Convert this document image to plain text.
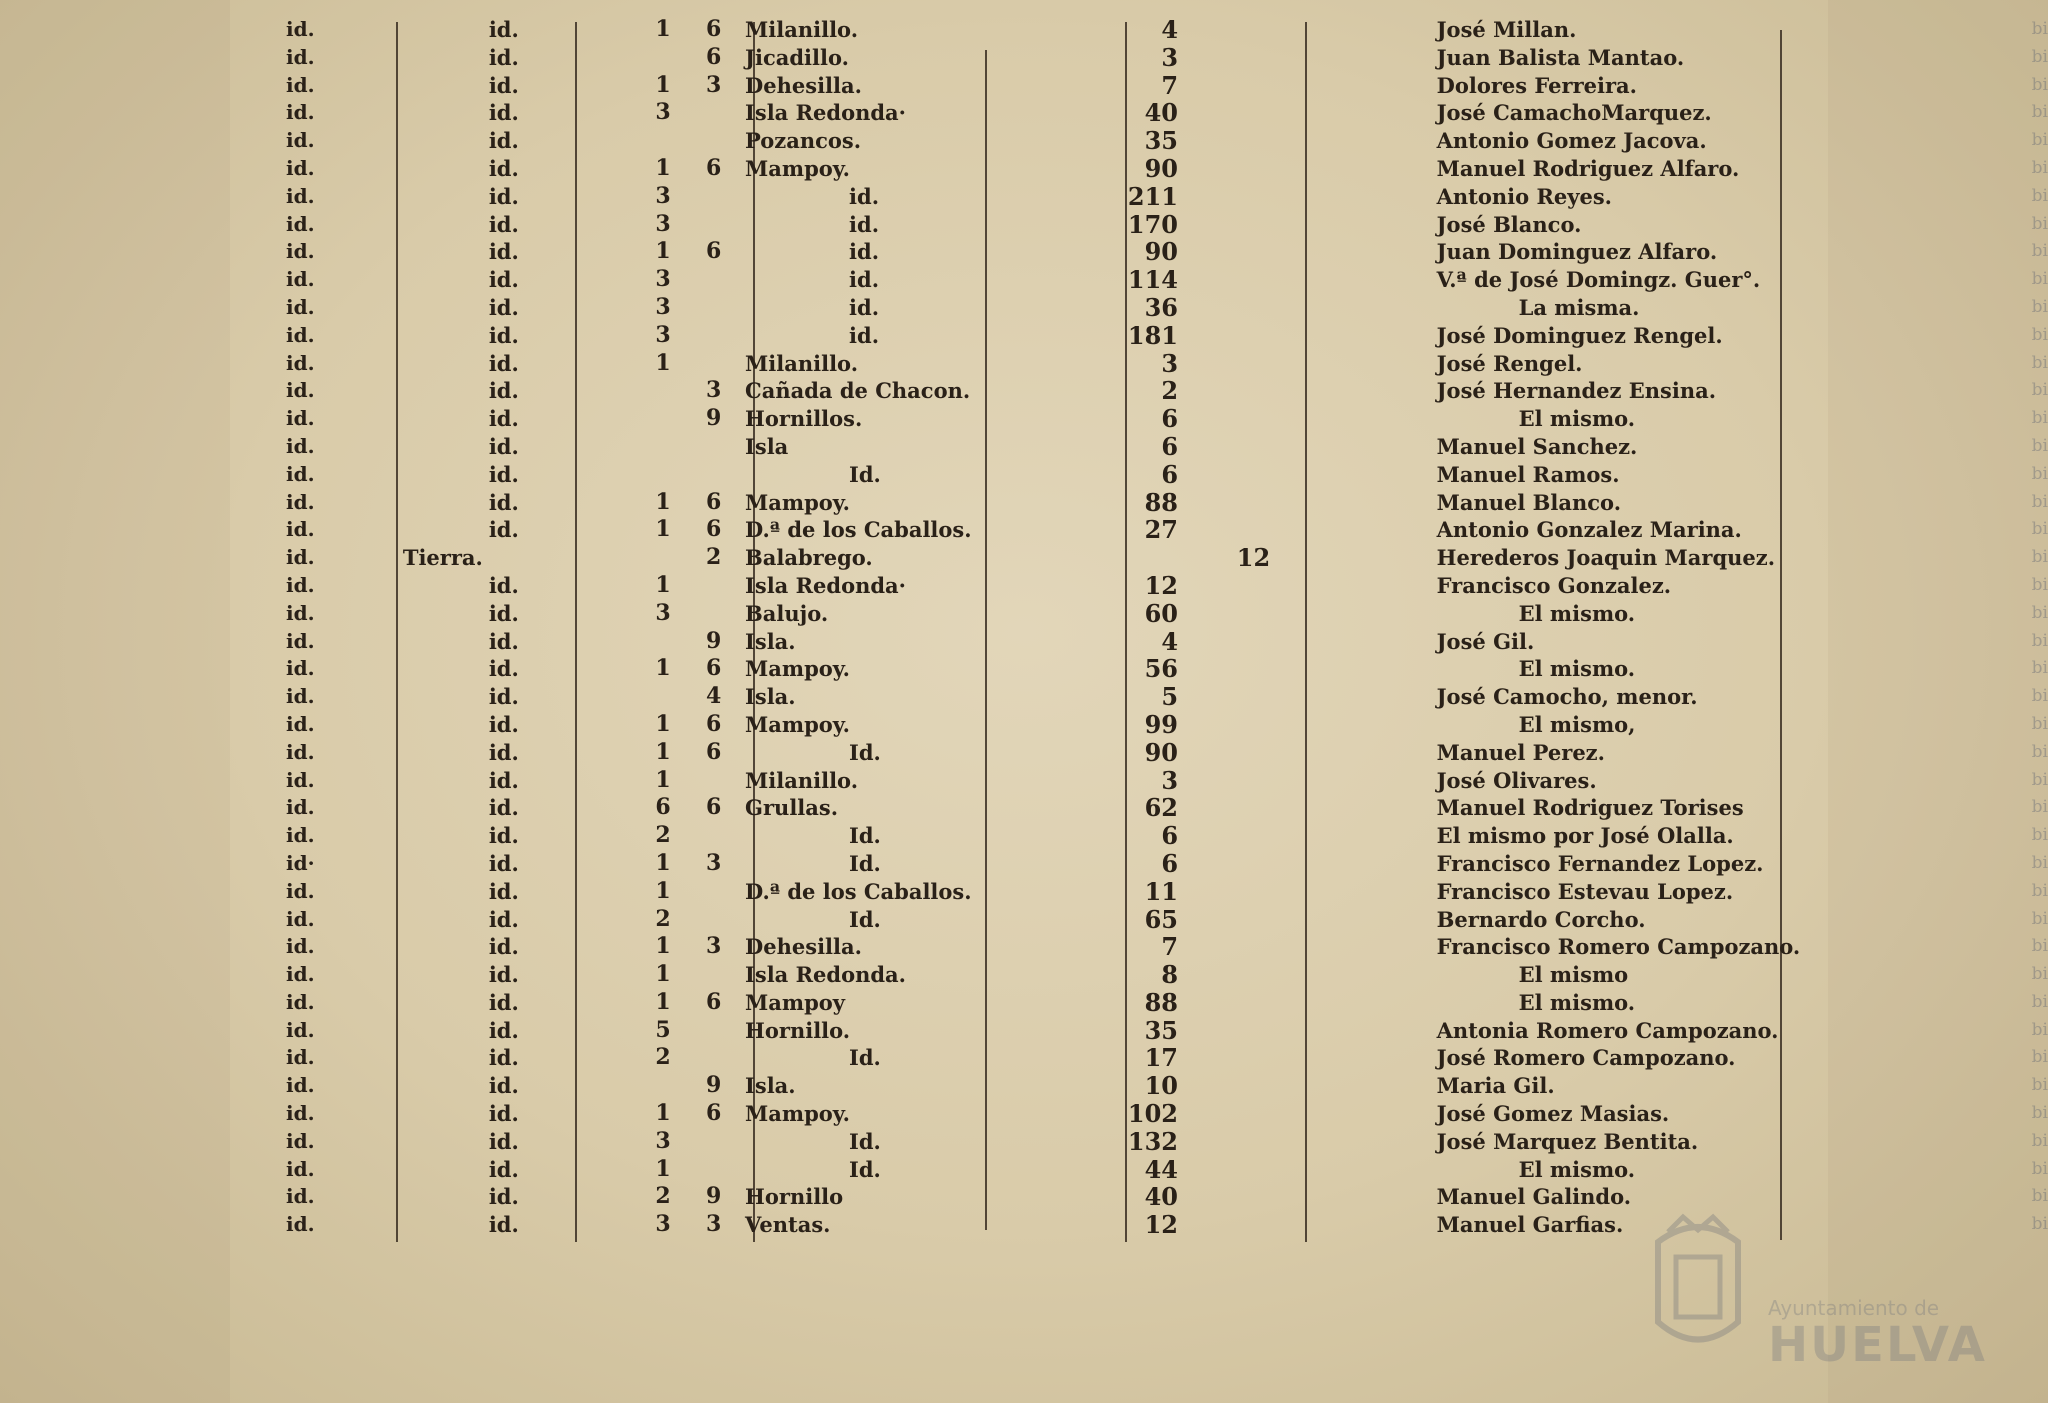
id.	id.	1	6	Milanillo.	4			José Millan.	bi
id.	id.		6	Jicadillo.	3			Juan Balista Mantao.	bi
id.	id.	1	3	Dehesilla.	7			Dolores Ferreira.	bi
id.	id.	3		Isla Redonda·	40			José CamachoMarquez.	bi
id.	id.			Pozancos.	35			Antonio Gomez Jacova.	bi
id.	id.	1	6	Mampoy.	90			Manuel Rodriguez Alfaro.	bi
id.	id.	3		id.	211			Antonio Reyes.	bi
id.	id.	3		id.	170			José Blanco.	bi
id.	id.	1	6	id.	90			Juan Dominguez Alfaro.	bi
id.	id.	3		id.	114			V.ª de José Domingz. Guer°.	bi
id.	id.	3		id.	36			La misma.	bi
id.	id.	3		id.	181			José Dominguez Rengel.	bi
id.	id.	1		Milanillo.	3			José Rengel.	bi
id.	id.		3	Cañada de Chacon.	2			José Hernandez Ensina.	bi
id.	id.		9	Hornillos.	6			El mismo.	bi
id.	id.			Isla	6			Manuel Sanchez.	bi
id.	id.			Id.	6			Manuel Ramos.	bi
id.	id.	1	6	Mampoy.	88			Manuel Blanco.	bi
id.	id.	1	6	D.ª de los Caballos.	27			Antonio Gonzalez Marina.	bi
id.	Tierra.		2	Balabrego.		12		Herederos Joaquin Marquez.	bi
id.	id.	1		Isla Redonda·	12			Francisco Gonzalez.	bi
id.	id.	3		Balujo.	60			El mismo.	bi
id.	id.		9	Isla.	4			José Gil.	bi
id.	id.	1	6	Mampoy.	56			El mismo.	bi
id.	id.		4	Isla.	5			José Camocho, menor.	bi
id.	id.	1	6	Mampoy.	99			El mismo,	bi
id.	id.	1	6	Id.	90			Manuel Perez.	bi
id.	id.	1		Milanillo.	3			José Olivares.	bi
id.	id.	6	6	Grullas.	62			Manuel Rodriguez Torises	bi
id.	id.	2		Id.	6			El mismo por José Olalla.	bi
id·	id.	1	3	Id.	6			Francisco Fernandez Lopez.	bi
id.	id.	1		D.ª de los Caballos.	11			Francisco Estevau Lopez.	bi
id.	id.	2		Id.	65			Bernardo Corcho.	bi
id.	id.	1	3	Dehesilla.	7			Francisco Romero Campozano.	bi
id.	id.	1		Isla Redonda.	8			El mismo	bi
id.	id.	1	6	Mampoy	88			El mismo.	bi
id.	id.	5		Hornillo.	35			Antonia Romero Campozano.	bi
id.	id.	2		Id.	17			José Romero Campozano.	bi
id.	id.		9	Isla.	10			Maria Gil.	bi
id.	id.	1	6	Mampoy.	102			José Gomez Masias.	bi
id.	id.	3		Id.	132			José Marquez Bentita.	bi
id.	id.	1		Id.	44			El mismo.	bi
id.	id.	2	9	Hornillo	40			Manuel Galindo.	bi
id.	id.	3	3	Ventas.	12			Manuel Garfias.	bi
Ayuntamiento de
HUELVA
